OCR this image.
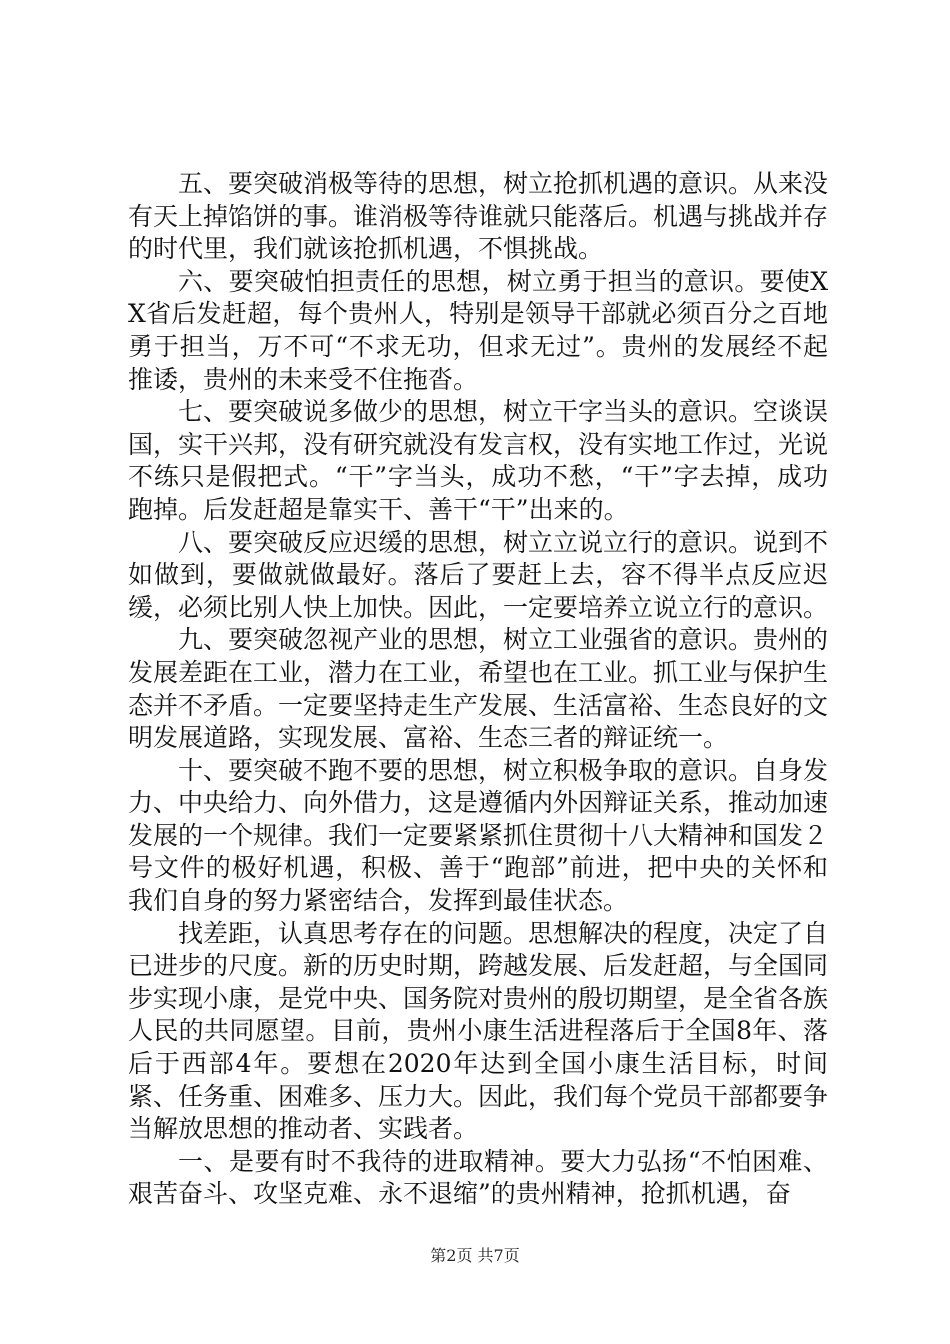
五、要突破消极等待的思想，树立抢抓机遇的意识。从来没有天上掉馅饼的事。谁消极等待谁就只能落后。机遇与挑战并存的时代里，我们就该抢抓机遇，不惧挑战。

六、要突破怕担责任的思想，树立勇于担当的意识。要使XX省后发赶超，每个贵州人，特别是领导干部就必须百分之百地勇于担当，万不可“不求无功，但求无过”。贵州的发展经不起推诿，贵州的未来受不住拖沓。

七、要突破说多做少的思想，树立干字当头的意识。空谈误国，实干兴邦，没有研究就没有发言权，没有实地工作过，光说不练只是假把式。“干”字当头，成功不愁，“干”字去掉，成功跑掉。后发赶超是靠实干、善干“干”出来的。

八、要突破反应迟缓的思想，树立立说立行的意识。说到不如做到，要做就做最好。落后了要赶上去，容不得半点反应迟缓，必须比别人快上加快。因此，一定要培养立说立行的意识。

九、要突破忽视产业的思想，树立工业强省的意识。贵州的发展差距在工业，潜力在工业，希望也在工业。抓工业与保护生态并不矛盾。一定要坚持走生产发展、生活富裕、生态良好的文明发展道路，实现发展、富裕、生态三者的辩证统一。

十、要突破不跑不要的思想，树立积极争取的意识。自身发力、中央给力、向外借力，这是遵循内外因辩证关系，推动加速发展的一个规律。我们一定要紧紧抓住贯彻十八大精神和国发２号文件的极好机遇，积极、善于“跑部”前进，把中央的关怀和我们自身的努力紧密结合，发挥到最佳状态。

找差距，认真思考存在的问题。思想解决的程度，决定了自已进步的尺度。新的历史时期，跨越发展、后发赶超，与全国同步实现小康，是党中央、国务院对贵州的殷切期望，是全省各族人民的共同愿望。目前，贵州小康生活进程落后于全国8年、落后于西部4年。要想在2020年达到全国小康生活目标，时间紧、任务重、困难多、压力大。因此，我们每个党员干部都要争当解放思想的推动者、实践者。

一、是要有时不我待的进取精神。要大力弘扬“不怕困难、艰苦奋斗、攻坚克难、永不退缩”的贵州精神，抢抓机遇，奋

第2页 共7页
